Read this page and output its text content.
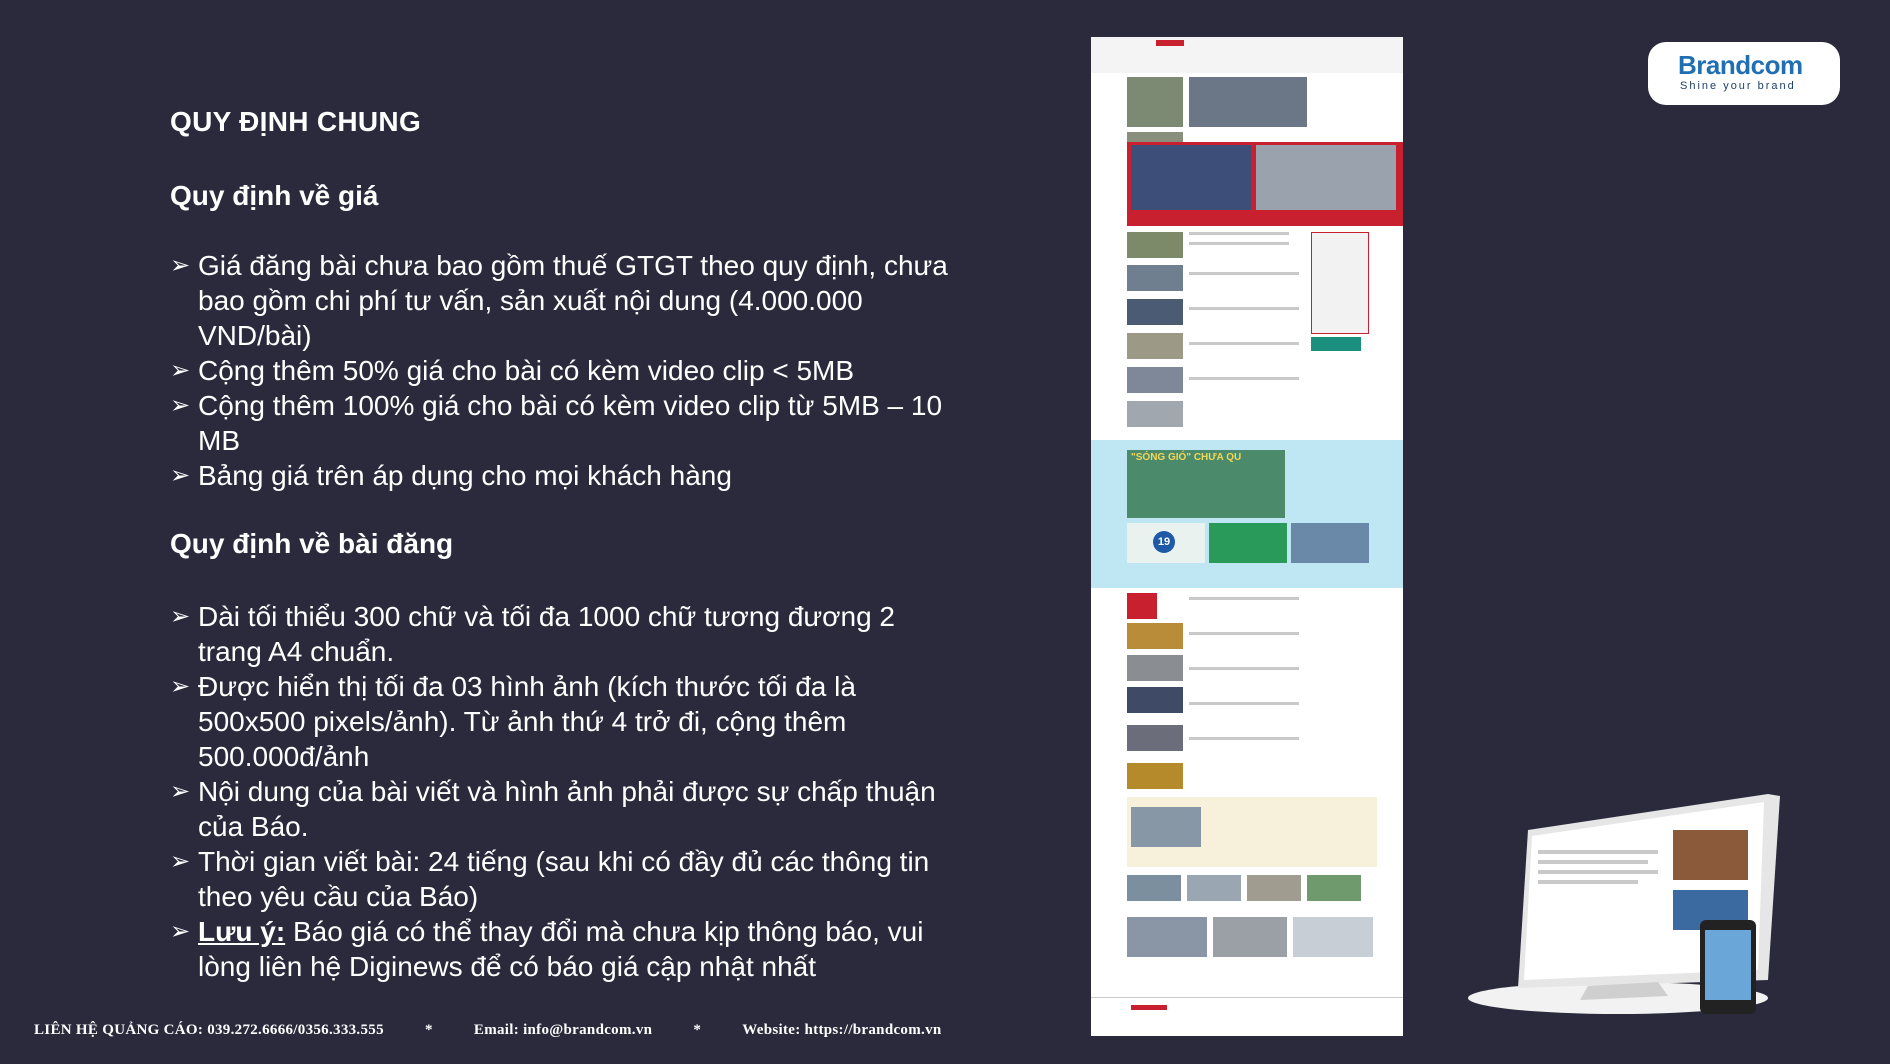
QUY ĐỊNH CHUNG
Quy định về giá
➢ Giá đăng bài chưa bao gồm thuế GTGT theo quy định, chưa bao gồm chi phí tư vấn, sản xuất nội dung (4.000.000 VND/bài)
➢ Cộng thêm 50% giá cho bài có kèm video clip < 5MB
➢ Cộng thêm 100% giá cho bài có kèm video clip từ 5MB – 10 MB
➢ Bảng giá trên áp dụng cho mọi khách hàng
Quy định về bài đăng
➢ Dài tối thiểu 300 chữ và tối đa 1000 chữ tương đương 2 trang A4 chuẩn.
➢ Được hiển thị tối đa 03 hình ảnh (kích thước tối đa là 500x500 pixels/ảnh). Từ ảnh thứ 4 trở đi, cộng thêm 500.000đ/ảnh
➢ Nội dung của bài viết và hình ảnh phải được sự chấp thuận của Báo.
➢ Thời gian viết bài: 24 tiếng (sau khi có đầy đủ các thông tin theo yêu cầu của Báo)
➢ Lưu ý: Báo giá có thể thay đổi mà chưa kịp thông báo, vui lòng liên hệ Diginews để có báo giá cập nhật nhất
LIÊN HỆ QUẢNG CÁO: 039.272.6666/0356.333.555	*	Email: info@brandcom.vn	*	Website: https://brandcom.vn
"SÓNG GIÓ" CHƯA QU
19
Brandcom
Shine your brand
